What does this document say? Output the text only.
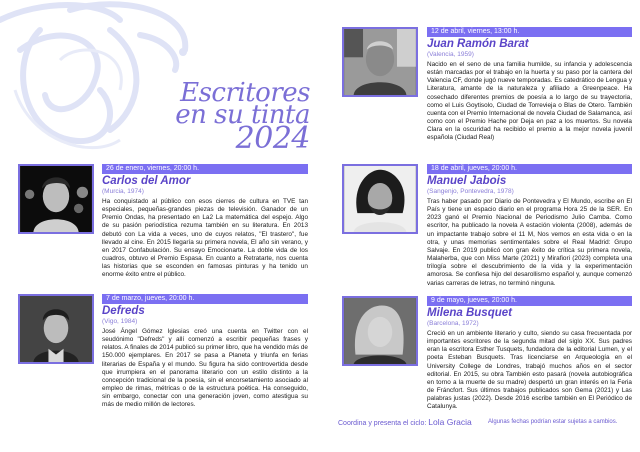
Escritores
en su tinta
2024
26 de enero, viernes, 20:00 h.
Carlos del Amor
(Murcia, 1974)
Ha conquistado al público con esos cierres de cultura en TVE tan especiales, pequeñas-grandes piezas de televisión. Ganador de un Premio Ondas, ha presentado en La2 La matemática del espejo. Algo de su pasión periodística rezuma también en su literatura. En 2013 debutó con La vida a veces, uno de cuyos relatos, "El trastero", fue llevado al cine. En 2015 llegaría su primera novela, El año sin verano, y en 2017 Confabulación. Su ensayo Emocionarte. La doble vida de los cuadros, obtuvo el Premio Espasa. En cuanto a Retratarte, nos cuenta las historias que se esconden en famosas pinturas y ha tenido un enorme éxito entre el público.
7 de marzo, jueves, 20:00 h.
Defreds
(Vigo, 1984)
José Ángel Gómez Iglesias creó una cuenta en Twitter con el seudónimo "Defreds" y allí comenzó a escribir pequeñas frases y relatos. A finales de 2014 publicó su primer libro, que ha vendido más de 150.000 ejemplares. En 2017 se pasa a Planeta y triunfa en ferias literarias de España y el mundo. Su figura ha sido controvertida desde que irrumpiera en el panorama literario con un estilo distinto a la concepción tradicional de la poesía, sin el encorsetamiento asociado al empleo de rimas, métricas o de la estructura poética. Ha conseguido, sin embargo, conectar con una generación joven, como atestigua su más de medio millón de lectores.
12 de abril, viernes, 13:00 h.
Juan Ramón Barat
(Valencia, 1959)
Nacido en el seno de una familia humilde, su infancia y adolescencia están marcadas por el trabajo en la huerta y su paso por la cantera del Valencia CF, donde jugó nueve temporadas. Es catedrático de Lengua y Literatura, amante de la naturaleza y afiliado a Greenpeace. Ha cosechado diferentes premios de poesía a lo largo de su trayectoria, como el Luis Goytisolo, Ciudad de Torrevieja o Blas de Otero. También cuenta con el Premio Internacional de novela Ciudad de Salamanca, así como con el Premio Hache por Deja en paz a los muertos. Su novela Clara en la oscuridad ha recibido el premio a la mejor novela juvenil española (Ciudad Real)
18 de abril, jueves, 20:00 h.
Manuel Jabois
(Sangenjo, Pontevedra, 1978)
Tras haber pasado por Diario de Pontevedra y El Mundo, escribe en El País y tiene un espacio diario en el programa Hora 25 de la SER. En 2023 ganó el Premio Nacional de Periodismo Julio Camba. Como escritor, ha publicado la novela A estación violenta (2008), además de un impactante trabajo sobre el 11 M, Nos vemos en esta vida o en la otra, y unas memorias sentimentales sobre el Real Madrid: Grupo Salvaje. En 2019 publicó con gran éxito de crítica su primera novela, Malaherba, que con Miss Marte (2021) y Mirafiori (2023) completa una trilogía sobre el descubrimiento de la vida y la experimentación amorosa. Se confiesa hijo del desarollismo español y, aunque comenzó varias carreras de letras, no terminó ninguna.
9 de mayo, jueves, 20:00 h.
Milena Busquet
(Barcelona, 1972)
Creció en un ambiente literario y culto, siendo su casa frecuentada por importantes escritores de la segunda mitad del siglo XX. Sus padres eran la escritora Esther Tusquets, fundadora de la editorial Lumen, y el poeta Esteban Busquets. Tras licenciarse en Arqueología en el University College de Londres, trabajó muchos años en el sector editorial. En 2015, su obra También esto pasará (novela autobiográfica en torno a la muerte de su madre) despertó un gran interés en la Feria de Fráncfort. Sus últimos trabajos publicados son Gema (2021) y Las palabras justas (2022). Desde 2016 escribe también en El Periódico de Catalunya.
Coordina y presenta el ciclo: Lola Gracia	Algunas fechas podrían estar sujetas a cambios.
